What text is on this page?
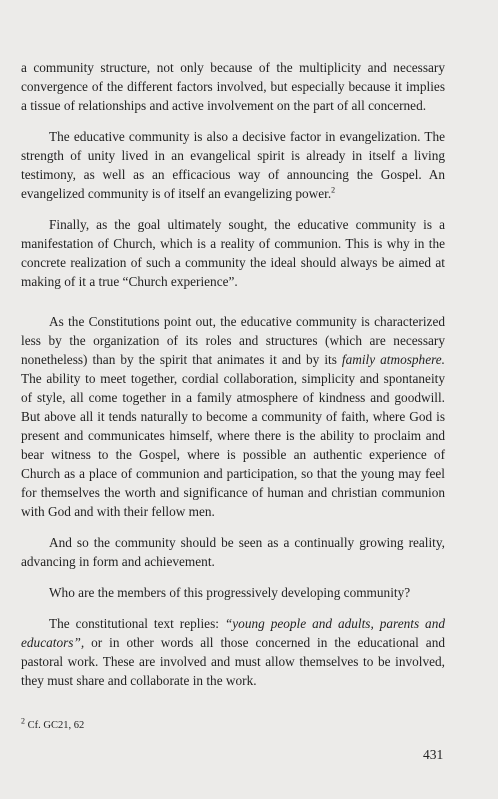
a community structure, not only because of the multiplicity and necessary convergence of the different factors involved, but especially because it implies a tissue of relationships and active involvement on the part of all concerned.

The educative community is also a decisive factor in evangelization. The strength of unity lived in an evangelical spirit is already in itself a living testimony, as well as an efficacious way of announcing the Gospel. An evangelized community is of itself an evangelizing power.$^2$

Finally, as the goal ultimately sought, the educative community is a manifestation of Church, which is a reality of communion. This is why in the concrete realization of such a community the ideal should always be aimed at making of it a true “Church experience”.

As the Constitutions point out, the educative community is characterized less by the organization of its roles and structures (which are necessary nonetheless) than by the spirit that animates it and by its family atmosphere. The ability to meet together, cordial collaboration, simplicity and spontaneity of style, all come together in a family atmosphere of kindness and goodwill. But above all it tends naturally to become a community of faith, where God is present and communicates himself, where there is the ability to proclaim and bear witness to the Gospel, where is possible an authentic experience of Church as a place of communion and participation, so that the young may feel for themselves the worth and significance of human and christian communion with God and with their fellow men.

And so the community should be seen as a continually growing reality, advancing in form and achievement.

Who are the members of this progressively developing community?

The constitutional text replies: “young people and adults, parents and educators”, or in other words all those concerned in the educational and pastoral work. These are involved and must allow themselves to be involved, they must share and collaborate in the work.

$^2$ Cf. GC21, 62
431
